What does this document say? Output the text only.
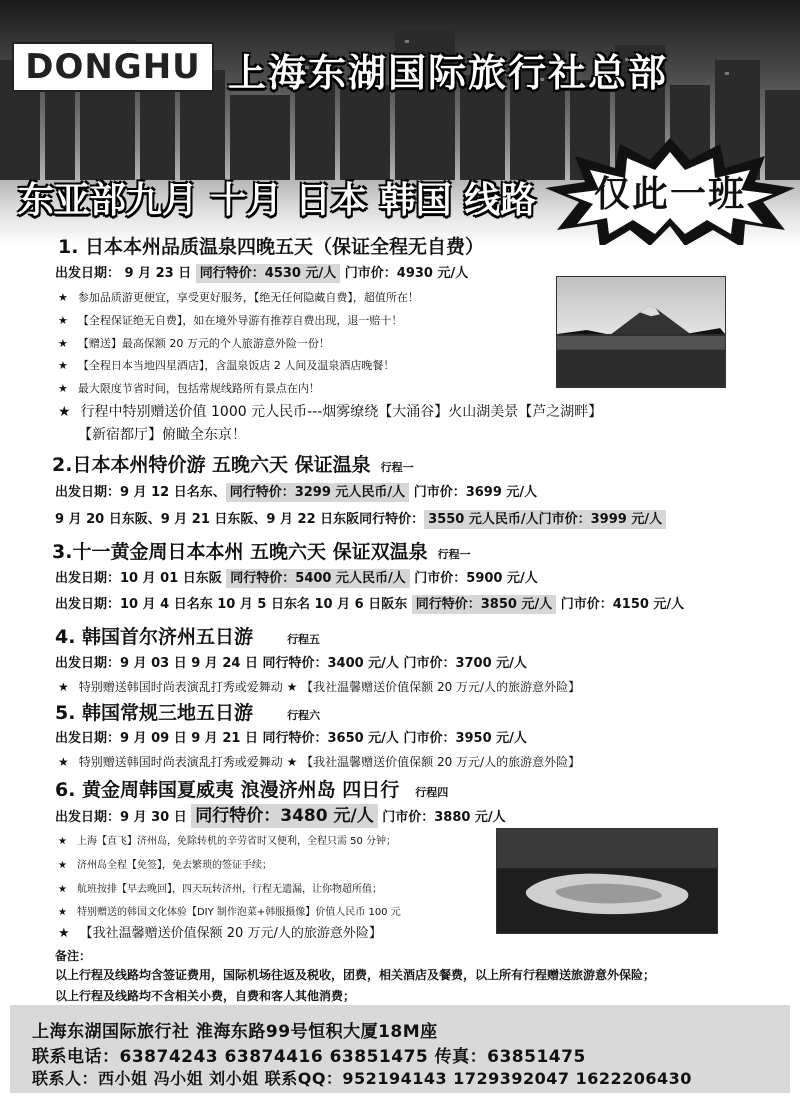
DONGHU 上海东湖国际旅行社总部
东亚部九月 十月 日本 韩国 线路	仅此一班
1. 日本本州品质温泉四晚五天（保证全程无自费）
出发日期： 9 月 23 日 同行特价：4530 元/人 门市价：4930 元/人
★ 参加品质游更便宜，享受更好服务，【绝无任何隐藏自费】，超值所在！
★ 【全程保证绝无自费】，如在境外导游有推荐自费出现，退一赔十！
★ 【赠送】最高保额 20 万元的个人旅游意外险一份！
★ 【全程日本当地四星酒店】，含温泉饭店 2 人间及温泉酒店晚餐！
★ 最大限度节省时间，包括常规线路所有景点在内！
★ 行程中特别赠送价值 1000 元人民币---烟雾缭绕【大涌谷】火山湖美景【芦之湖畔】
【新宿都厅】俯瞰全东京！
2.日本本州特价游 五晚六天 保证温泉 行程一
出发日期：9 月 12 日名东、 同行特价：3299 元人民币/人 门市价：3699 元/人
9 月 20 日东阪、9 月 21 日东阪、9 月 22 日东阪同行特价： 3550 元人民币/人门市价：3999 元/人
3.十一黄金周日本本州 五晚六天 保证双温泉 行程一
出发日期：10 月 01 日东阪 同行特价：5400 元人民币/人 门市价：5900 元/人
出发日期：10 月 4 日名东 10 月 5 日东名 10 月 6 日阪东 同行特价：3850 元/人 门市价：4150 元/人
4. 韩国首尔济州五日游	行程五
出发日期：9 月 03 日 9 月 24 日 同行特价：3400 元/人 门市价：3700 元/人
★ 特别赠送韩国时尚表演乱打秀或爱舞动 ★ 【我社温馨赠送价值保额 20 万元/人的旅游意外险】
5. 韩国常规三地五日游	行程六
出发日期：9 月 09 日 9 月 21 日 同行特价：3650 元/人 门市价：3950 元/人
★ 特别赠送韩国时尚表演乱打秀或爱舞动 ★ 【我社温馨赠送价值保额 20 万元/人的旅游意外险】
6. 黄金周韩国夏威夷 浪漫济州岛 四日行 行程四
出发日期：9 月 30 日 同行特价：3480 元/人 门市价：3880 元/人
★ 上海【直飞】济州岛，免除转机的辛劳省时又便利，全程只需 50 分钟；
★ 济州岛全程【免签】，免去繁琐的签证手续；
★ 航班按排【早去晚回】，四天玩转济州，行程无遗漏，让你物超所值；
★ 特别赠送的韩国文化体验【DIY 制作泡菜+韩服摄像】价值人民币 100 元
★ 【我社温馨赠送价值保额 20 万元/人的旅游意外险】
备注：
以上行程及线路均含签证费用，国际机场往返及税收，团费，相关酒店及餐费，以上所有行程赠送旅游意外保险；
以上行程及线路均不含相关小费，自费和客人其他消费；
上海东湖国际旅行社 淮海东路99号恒积大厦18M座
联系电话：63874243 63874416 63851475 传真：63851475
联系人：西小姐 冯小姐 刘小姐 联系QQ：952194143 1729392047 1622206430
